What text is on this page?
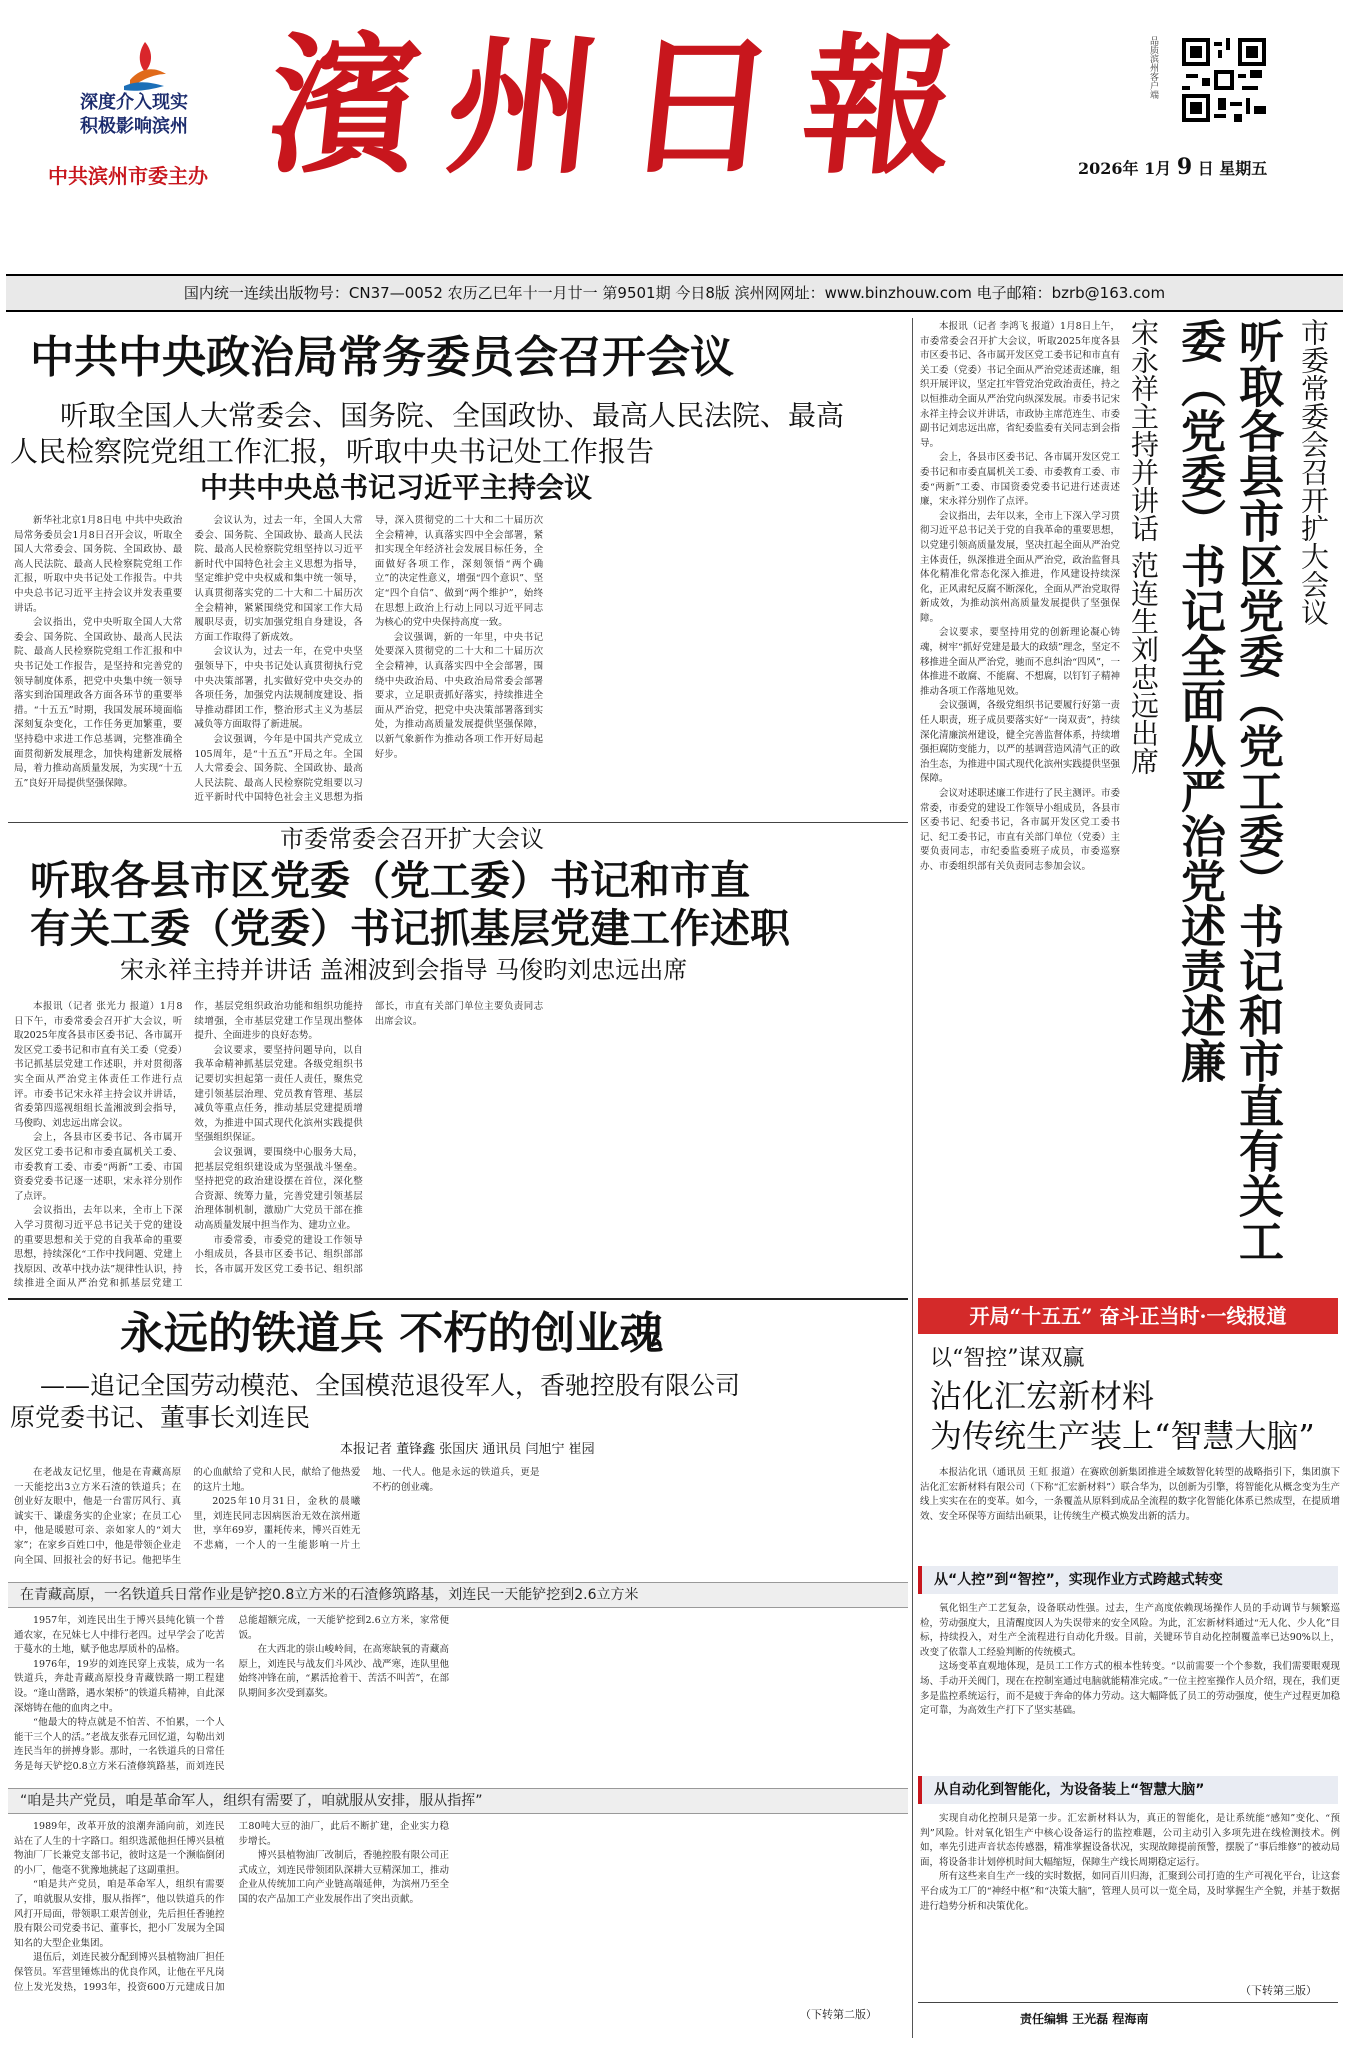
深度介入现实
积极影响滨州
中共滨州市委主办 濱州日報	品质滨州客户端
2026年 1月 9 日 星期五
国内统一连续出版物号：CN37—0052 农历乙巳年十一月廿一 第9501期 今日8版 滨州网网址：www.binzhouw.com 电子邮箱：bzrb@163.com
中共中央政治局常务委员会召开会议
听取全国人大常委会、国务院、全国政协、最高人民法院、最高
人民检察院党组工作汇报，听取中央书记处工作报告
中共中央总书记习近平主持会议

新华社北京1月8日电 中共中央政治局常务委员会1月8日召开会议，听取全国人大常委会、国务院、全国政协、最高人民法院、最高人民检察院党组工作汇报，听取中央书记处工作报告。中共中央总书记习近平主持会议并发表重要讲话。

会议指出，党中央听取全国人大常委会、国务院、全国政协、最高人民法院、最高人民检察院党组工作汇报和中央书记处工作报告，是坚持和完善党的领导制度体系，把党中央集中统一领导落实到治国理政各方面各环节的重要举措。“十五五”时期，我国发展环境面临深刻复杂变化，工作任务更加繁重，要坚持稳中求进工作总基调，完整准确全面贯彻新发展理念，加快构建新发展格局，着力推动高质量发展，为实现“十五五”良好开局提供坚强保障。

会议认为，过去一年，全国人大常委会、国务院、全国政协、最高人民法院、最高人民检察院党组坚持以习近平新时代中国特色社会主义思想为指导，坚定维护党中央权威和集中统一领导，认真贯彻落实党的二十大和二十届历次全会精神，紧紧围绕党和国家工作大局履职尽责，切实加强党组自身建设，各方面工作取得了新成效。

会议认为，过去一年，在党中央坚强领导下，中央书记处认真贯彻执行党中央决策部署，扎实做好党中央交办的各项任务，加强党内法规制度建设、指导推动群团工作，整治形式主义为基层减负等方面取得了新进展。

会议强调，今年是中国共产党成立105周年，是“十五五”开局之年。全国人大常委会、国务院、全国政协、最高人民法院、最高人民检察院党组要以习近平新时代中国特色社会主义思想为指导，深入贯彻党的二十大和二十届历次全会精神，认真落实四中全会部署，紧扣实现全年经济社会发展目标任务，全面做好各项工作，深刻领悟“两个确立”的决定性意义，增强“四个意识”、坚定“四个自信”、做到“两个维护”，始终在思想上政治上行动上同以习近平同志为核心的党中央保持高度一致。

会议强调，新的一年里，中央书记处要深入贯彻党的二十大和二十届历次全会精神，认真落实四中全会部署，围绕中央政治局、中央政治局常委会部署要求，立足职责抓好落实，持续推进全面从严治党，把党中央决策部署落到实处，为推动高质量发展提供坚强保障，以新气象新作为推动各项工作开好局起好步。

市委常委会召开扩大会议
听取各县市区党委（党工委）书记和市直
有关工委（党委）书记抓基层党建工作述职
宋永祥主持并讲话 盖湘波到会指导 马俊昀刘忠远出席

本报讯（记者 张光力 报道）1月8日下午，市委常委会召开扩大会议，听取2025年度各县市区委书记、各市属开发区党工委书记和市直有关工委（党委）书记抓基层党建工作述职，并对贯彻落实全面从严治党主体责任工作进行点评。市委书记宋永祥主持会议并讲话，省委第四巡视组组长盖湘波到会指导，马俊昀、刘忠远出席会议。

会上，各县市区委书记、各市属开发区党工委书记和市委直属机关工委、市委教育工委、市委“两新”工委、市国资委党委书记逐一述职，宋永祥分别作了点评。

会议指出，去年以来，全市上下深入学习贯彻习近平总书记关于党的建设的重要思想和关于党的自我革命的重要思想，持续深化“工作中找问题、党建上找原因、改革中找办法”规律性认识，持续推进全面从严治党和抓基层党建工作，基层党组织政治功能和组织功能持续增强，全市基层党建工作呈现出整体提升、全面进步的良好态势。

会议要求，要坚持问题导向，以自我革命精神抓基层党建。各级党组织书记要切实担起第一责任人责任，聚焦党建引领基层治理、党员教育管理、基层减负等重点任务，推动基层党建提质增效，为推进中国式现代化滨州实践提供坚强组织保证。

会议强调，要围绕中心服务大局，把基层党组织建设成为坚强战斗堡垒。坚持把党的政治建设摆在首位，深化整合资源、统筹力量，完善党建引领基层治理体制机制，激励广大党员干部在推动高质量发展中担当作为、建功立业。

市委常委，市委党的建设工作领导小组成员，各县市区委书记、组织部部长，各市属开发区党工委书记、组织部部长，市直有关部门单位主要负责同志出席会议。

本报讯（记者 李鸿飞 报道）1月8日上午，市委常委会召开扩大会议，听取2025年度各县市区委书记、各市属开发区党工委书记和市直有关工委（党委）书记全面从严治党述责述廉，组织开展评议，坚定扛牢管党治党政治责任，持之以恒推动全面从严治党向纵深发展。市委书记宋永祥主持会议并讲话，市政协主席范连生、市委副书记刘忠远出席，省纪委监委有关同志到会指导。

会上，各县市区委书记、各市属开发区党工委书记和市委直属机关工委、市委教育工委、市委“两新”工委、市国资委党委书记进行述责述廉，宋永祥分别作了点评。

会议指出，去年以来，全市上下深入学习贯彻习近平总书记关于党的自我革命的重要思想，以党建引领高质量发展，坚决扛起全面从严治党主体责任，纵深推进全面从严治党，政治监督具体化精准化常态化深入推进，作风建设持续深化，正风肃纪反腐不断深化，全面从严治党取得新成效，为推动滨州高质量发展提供了坚强保障。

会议要求，要坚持用党的创新理论凝心铸魂，树牢“抓好党建是最大的政绩”理念，坚定不移推进全面从严治党，驰而不息纠治“四风”，一体推进不敢腐、不能腐、不想腐，以钉钉子精神推动各项工作落地见效。

会议强调，各级党组织书记要履行好第一责任人职责，班子成员要落实好“一岗双责”，持续深化清廉滨州建设，健全完善监督体系，持续增强拒腐防变能力，以严的基调营造风清气正的政治生态，为推进中国式现代化滨州实践提供坚强保障。

会议对述职述廉工作进行了民主测评。市委常委，市委党的建设工作领导小组成员，各县市区委书记、纪委书记，各市属开发区党工委书记、纪工委书记，市直有关部门单位（党委）主要负责同志，市纪委监委班子成员，市委巡察办、市委组织部有关负责同志参加会议。

宋永祥主持并讲话 范连生刘忠远出席	听取各县市区党委（党工委）书记和市直有关工委（党委）书记全面从严治党述责述廉	市委常委会召开扩大会议
开局“十五五” 奋斗正当时·一线报道
以“智控”谋双赢
沾化汇宏新材料
为传统生产装上“智慧大脑”

本报沾化讯（通讯员 王虹 报道）在赛欧创新集团推进全域数智化转型的战略指引下，集团旗下沾化汇宏新材料有限公司（下称“汇宏新材料”）联合华为，以创新为引擎，将智能化从概念变为生产线上实实在在的变革。如今，一条覆盖从原料到成品全流程的数字化智能化体系已然成型，在提质增效、安全环保等方面结出硕果，让传统生产模式焕发出新的活力。

从“人控”到“智控”，实现作业方式跨越式转变

氧化铝生产工艺复杂，设备联动性强。过去，生产高度依赖现场操作人员的手动调节与频繁巡检，劳动强度大，且清醒度因人为失误带来的安全风险。为此，汇宏新材料通过“无人化、少人化”目标，持续投入，对生产全流程进行自动化升级。目前，关键环节自动化控制覆盖率已达90%以上，改变了依靠人工经验判断的传统模式。

这场变革直观地体现，是员工工作方式的根本性转变。“以前需要一个个参数，我们需要眼观现场、手动开关阀门，现在在控制室通过电脑就能精准完成。”一位主控室操作人员介绍，现在，我们更多是监控系统运行，而不是疲于奔命的体力劳动。这大幅降低了员工的劳动强度，使生产过程更加稳定可靠，为高效生产打下了坚实基础。

从自动化到智能化，为设备装上“智慧大脑”

实现自动化控制只是第一步。汇宏新材料认为，真正的智能化，是让系统能“感知”变化、“预判”风险。针对氧化铝生产中核心设备运行的监控难题，公司主动引入多项先进在线检测技术。例如，率先引进声音状态传感器，精准掌握设备状况，实现故障提前预警，摆脱了“事后维修”的被动局面，将设备非计划停机时间大幅缩短，保障生产线长周期稳定运行。

所有这些来自生产一线的实时数据，如同百川归海，汇聚到公司打造的生产可视化平台，让这套平台成为工厂的“神经中枢”和“决策大脑”，管理人员可以一览全局，及时掌握生产全貌，并基于数据进行趋势分析和决策优化。

（下转第三版）
永远的铁道兵 不朽的创业魂
——追记全国劳动模范、全国模范退役军人，香驰控股有限公司
原党委书记、董事长刘连民
本报记者 董锋鑫 张国庆 通讯员 闫旭宁 崔园

在老战友记忆里，他是在青藏高原一天能挖出3立方米石渣的铁道兵；在创业好友眼中，他是一台雷厉风行、真诚实干、谦虚务实的企业家；在员工心中，他是暖慰可亲、亲如家人的“刘大家”；在家乡百姓口中，他是带领企业走向全国、回报社会的好书记。他把毕生的心血献给了党和人民，献给了他热爱的这片土地。

2025年10月31日，金秋的晨曦里，刘连民同志因病医治无效在滨州逝世，享年69岁，噩耗传来，博兴百姓无不悲痛，一个人的一生能影响一片土地、一代人。他是永远的铁道兵，更是不朽的创业魂。

在青藏高原，一名铁道兵日常作业是铲挖0.8立方米的石渣修筑路基，刘连民一天能铲挖到2.6立方米

1957年，刘连民出生于博兴县纯化镇一个普通农家，在兄妹七人中排行老四。过早学会了吃苦于蔓水的土地，赋予他忠厚质朴的品格。

1976年，19岁的刘连民穿上戎装，成为一名铁道兵，奔赴青藏高原投身青藏铁路一期工程建设。“逢山凿路，遇水架桥”的铁道兵精神，自此深深熔铸在他的血肉之中。

“他最大的特点就是不怕苦、不怕累，一个人能干三个人的活。”老战友张春元回忆道，勾勒出刘连民当年的拼搏身影。那时，一名铁道兵的日常任务是每天铲挖0.8立方米石渣修筑路基，而刘连民总能超额完成，一天能铲挖到2.6立方米，家常便饭。

在大西北的崇山峻岭间，在高寒缺氧的青藏高原上，刘连民与战友们斗风沙、战严寒，连队里他始终冲锋在前，“累活抢着干、苦活不叫苦”，在部队期间多次受到嘉奖。

“咱是共产党员，咱是革命军人，组织有需要了，咱就服从安排，服从指挥”

1989年，改革开放的浪潮奔涌向前，刘连民站在了人生的十字路口。组织选派他担任博兴县植物油厂厂长兼党支部书记，彼时这是一个濒临倒闭的小厂，他毫不犹豫地挑起了这副重担。

“咱是共产党员，咱是革命军人，组织有需要了，咱就服从安排，服从指挥”，他以铁道兵的作风打开局面，带领职工艰苦创业，先后担任香驰控股有限公司党委书记、董事长，把小厂发展为全国知名的大型企业集团。

退伍后，刘连民被分配到博兴县植物油厂担任保管员。军营里锤炼出的优良作风，让他在平凡岗位上发光发热，1993年，投资600万元建成日加工80吨大豆的油厂，此后不断扩建，企业实力稳步增长。

博兴县植物油厂改制后，香驰控股有限公司正式成立，刘连民带领团队深耕大豆精深加工，推动企业从传统加工向产业链高端延伸，为滨州乃至全国的农产品加工产业发展作出了突出贡献。

（下转第二版）	责任编辑 王光磊 程海南
